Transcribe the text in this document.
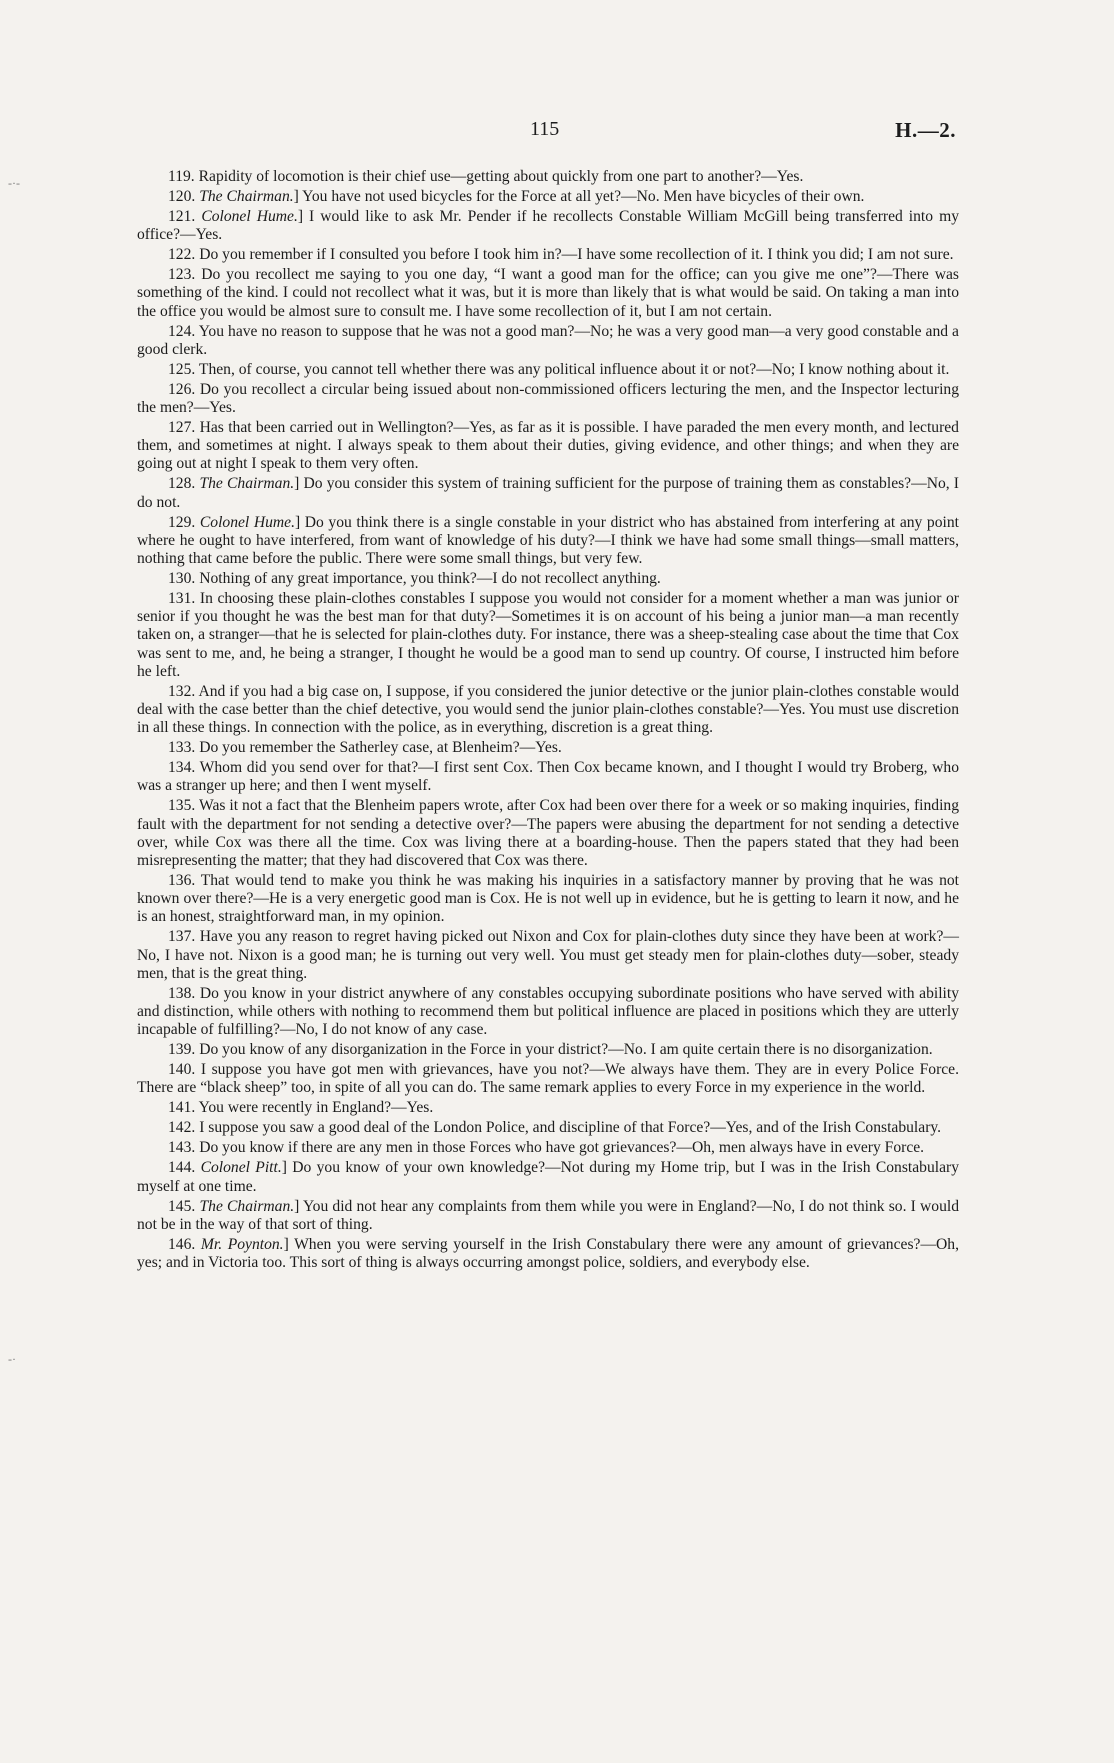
115	H.—2.
-·-
-·

119. Rapidity of locomotion is their chief use—getting about quickly from one part to another?—Yes.

120. The Chairman.] You have not used bicycles for the Force at all yet?—No. Men have bicycles of their own.

121. Colonel Hume.] I would like to ask Mr. Pender if he recollects Constable William McGill being transferred into my office?—Yes.

122. Do you remember if I consulted you before I took him in?—I have some recollection of it. I think you did; I am not sure.

123. Do you recollect me saying to you one day, “I want a good man for the office; can you give me one”?—There was something of the kind. I could not recollect what it was, but it is more than likely that is what would be said. On taking a man into the office you would be almost sure to consult me. I have some recollection of it, but I am not certain.

124. You have no reason to suppose that he was not a good man?—No; he was a very good man—a very good constable and a good clerk.

125. Then, of course, you cannot tell whether there was any political influence about it or not?—No; I know nothing about it.

126. Do you recollect a circular being issued about non-commissioned officers lecturing the men, and the Inspector lecturing the men?—Yes.

127. Has that been carried out in Wellington?—Yes, as far as it is possible. I have paraded the men every month, and lectured them, and sometimes at night. I always speak to them about their duties, giving evidence, and other things; and when they are going out at night I speak to them very often.

128. The Chairman.] Do you consider this system of training sufficient for the purpose of training them as constables?—No, I do not.

129. Colonel Hume.] Do you think there is a single constable in your district who has abstained from interfering at any point where he ought to have interfered, from want of knowledge of his duty?—I think we have had some small things—small matters, nothing that came before the public. There were some small things, but very few.

130. Nothing of any great importance, you think?—I do not recollect anything.

131. In choosing these plain-clothes constables I suppose you would not consider for a moment whether a man was junior or senior if you thought he was the best man for that duty?—Sometimes it is on account of his being a junior man—a man recently taken on, a stranger—that he is selected for plain-clothes duty. For instance, there was a sheep-stealing case about the time that Cox was sent to me, and, he being a stranger, I thought he would be a good man to send up country. Of course, I instructed him before he left.

132. And if you had a big case on, I suppose, if you considered the junior detective or the junior plain-clothes constable would deal with the case better than the chief detective, you would send the junior plain-clothes constable?—Yes. You must use discretion in all these things. In connection with the police, as in everything, discretion is a great thing.

133. Do you remember the Satherley case, at Blenheim?—Yes.

134. Whom did you send over for that?—I first sent Cox. Then Cox became known, and I thought I would try Broberg, who was a stranger up here; and then I went myself.

135. Was it not a fact that the Blenheim papers wrote, after Cox had been over there for a week or so making inquiries, finding fault with the department for not sending a detective over?—The papers were abusing the department for not sending a detective over, while Cox was there all the time. Cox was living there at a boarding-house. Then the papers stated that they had been misrepresenting the matter; that they had discovered that Cox was there.

136. That would tend to make you think he was making his inquiries in a satisfactory manner by proving that he was not known over there?—He is a very energetic good man is Cox. He is not well up in evidence, but he is getting to learn it now, and he is an honest, straightforward man, in my opinion.

137. Have you any reason to regret having picked out Nixon and Cox for plain-clothes duty since they have been at work?—No, I have not. Nixon is a good man; he is turning out very well. You must get steady men for plain-clothes duty—sober, steady men, that is the great thing.

138. Do you know in your district anywhere of any constables occupying subordinate positions who have served with ability and distinction, while others with nothing to recommend them but political influence are placed in positions which they are utterly incapable of fulfilling?—No, I do not know of any case.

139. Do you know of any disorganization in the Force in your district?—No. I am quite certain there is no disorganization.

140. I suppose you have got men with grievances, have you not?—We always have them. They are in every Police Force. There are “black sheep” too, in spite of all you can do. The same remark applies to every Force in my experience in the world.

141. You were recently in England?—Yes.

142. I suppose you saw a good deal of the London Police, and discipline of that Force?—Yes, and of the Irish Constabulary.

143. Do you know if there are any men in those Forces who have got grievances?—Oh, men always have in every Force.

144. Colonel Pitt.] Do you know of your own knowledge?—Not during my Home trip, but I was in the Irish Constabulary myself at one time.

145. The Chairman.] You did not hear any complaints from them while you were in England?—No, I do not think so. I would not be in the way of that sort of thing.

146. Mr. Poynton.] When you were serving yourself in the Irish Constabulary there were any amount of grievances?—Oh, yes; and in Victoria too. This sort of thing is always occurring amongst police, soldiers, and everybody else.
